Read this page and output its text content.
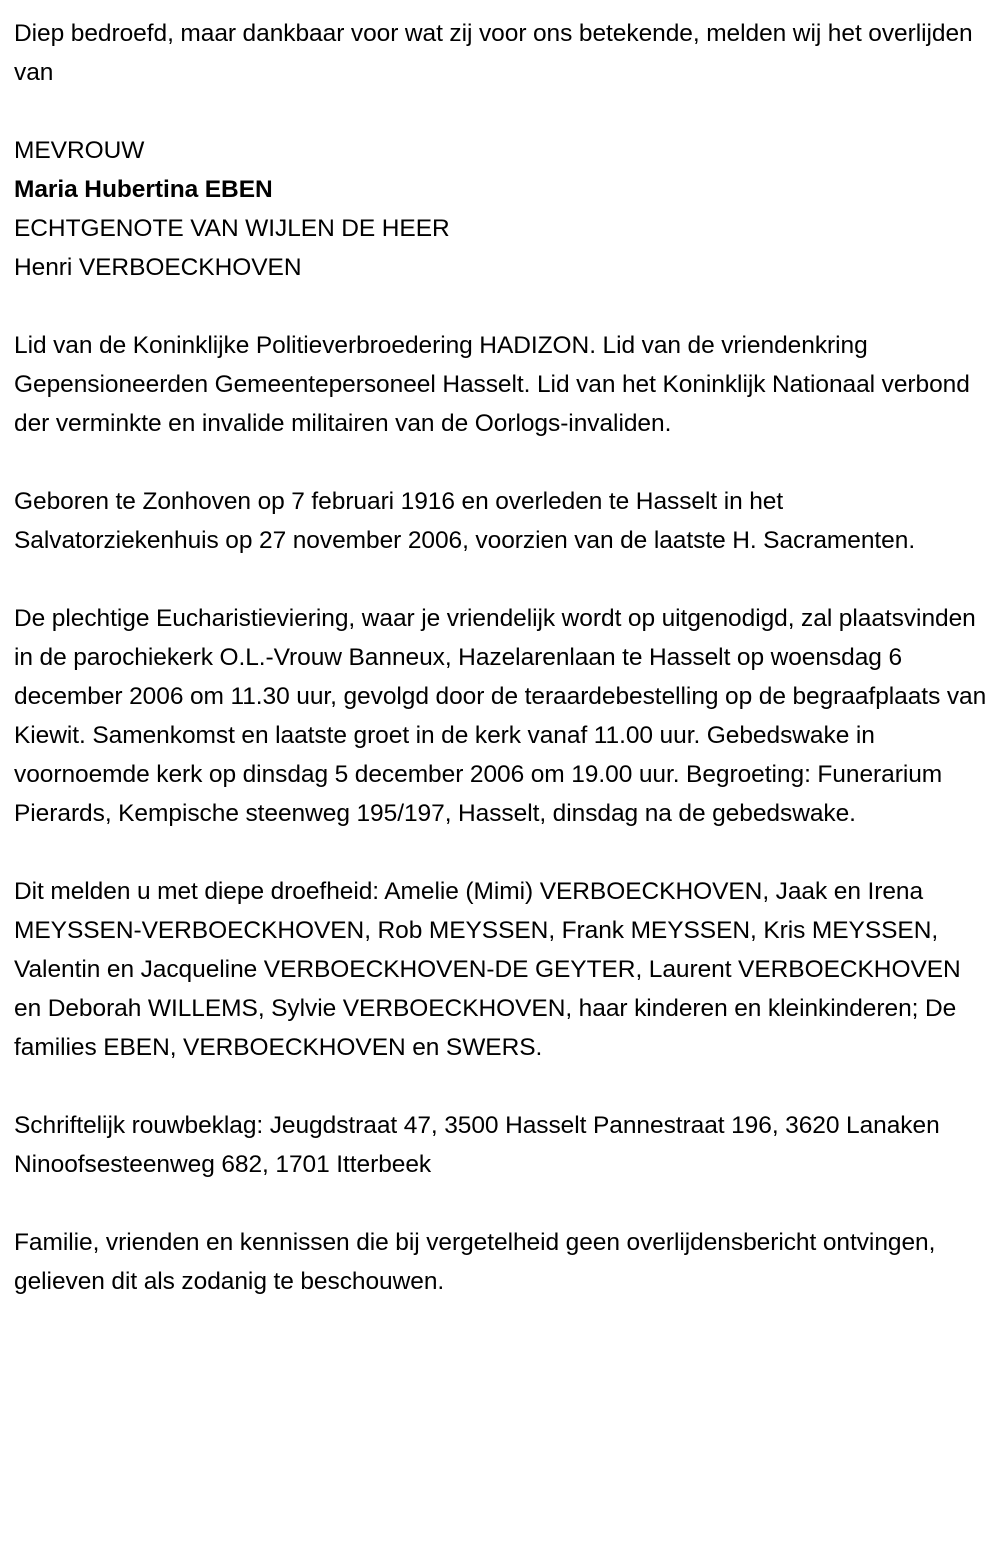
Diep bedroefd, maar dankbaar voor wat zij voor ons betekende, melden wij het overlijden van

MEVROUW

Maria Hubertina EBEN

ECHTGENOTE VAN WIJLEN DE HEER

Henri VERBOECKHOVEN

Lid van de Koninklijke Politieverbroedering HADIZON. Lid van de vriendenkring Gepensioneerden Gemeentepersoneel Hasselt. Lid van het Koninklijk Nationaal verbond der verminkte en invalide militairen van de Oorlogs-invaliden.

Geboren te Zonhoven op 7 februari 1916 en overleden te Hasselt in het Salvatorziekenhuis op 27 november 2006, voorzien van de laatste H. Sacramenten.

De plechtige Eucharistieviering, waar je vriendelijk wordt op uitgenodigd, zal plaatsvinden in de parochiekerk O.L.-Vrouw Banneux, Hazelarenlaan te Hasselt op woensdag 6 december 2006 om 11.30 uur, gevolgd door de teraardebestelling op de begraafplaats van Kiewit. Samenkomst en laatste groet in de kerk vanaf 11.00 uur. Gebedswake in voornoemde kerk op dinsdag 5 december 2006 om 19.00 uur. Begroeting: Funerarium Pierards, Kempische steenweg 195/197, Hasselt, dinsdag na de gebedswake.

Dit melden u met diepe droefheid: Amelie (Mimi) VERBOECKHOVEN, Jaak en Irena MEYSSEN-VERBOECKHOVEN, Rob MEYSSEN, Frank MEYSSEN, Kris MEYSSEN, Valentin en Jacqueline VERBOECKHOVEN-DE GEYTER, Laurent VERBOECKHOVEN en Deborah WILLEMS, Sylvie VERBOECKHOVEN, haar kinderen en kleinkinderen; De families EBEN, VERBOECKHOVEN en SWERS.

Schriftelijk rouwbeklag: Jeugdstraat 47, 3500 Hasselt Pannestraat 196, 3620 Lanaken Ninoofsesteenweg 682, 1701 Itterbeek

Familie, vrienden en kennissen die bij vergetelheid geen overlijdensbericht ontvingen, gelieven dit als zodanig te beschouwen.
